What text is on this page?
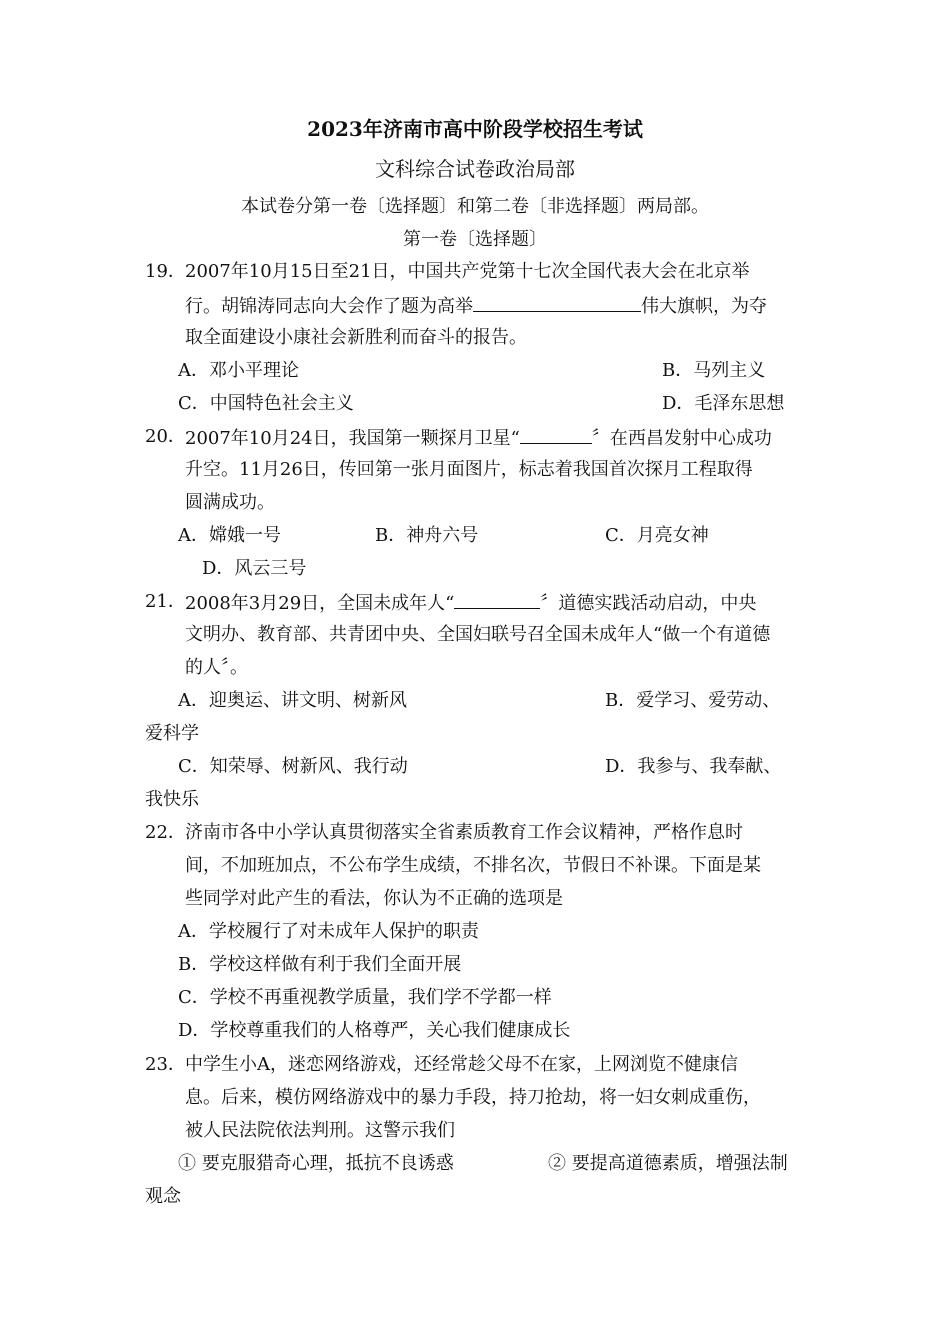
2023年济南市高中阶段学校招生考试
文科综合试卷政治局部
本试卷分第一卷〔选择题〕和第二卷〔非选择题〕两局部。
第一卷〔选择题〕
19． 2007年10月15日至21日，中国共产党第十七次全国代表大会在北京举
行。胡锦涛同志向大会作了题为高举	伟大旗帜，为夺
取全面建设小康社会新胜利而奋斗的报告。
A．邓小平理论	B．马列主义
C．中国特色社会主义	D．毛泽东思想
20． 2007年10月24日，我国第一颗探月卫星“	〞在西昌发射中心成功
升空。11月26日，传回第一张月面图片，标志着我国首次探月工程取得
圆满成功。
A．嫦娥一号	B．神舟六号	C．月亮女神
D．风云三号
21． 2008年3月29日，全国未成年人“	〞道德实践活动启动，中央
文明办、教育部、共青团中央、全国妇联号召全国未成年人“做一个有道德
的人〞。
A．迎奥运、讲文明、树新风	B．爱学习、爱劳动、
爱科学
C．知荣辱、树新风、我行动	D．我参与、我奉献、
我快乐
22． 济南市各中小学认真贯彻落实全省素质教育工作会议精神，严格作息时
间，不加班加点，不公布学生成绩，不排名次，节假日不补课。下面是某
些同学对此产生的看法，你认为不正确的选项是
A．学校履行了对未成年人保护的职责
B．学校这样做有利于我们全面开展
C．学校不再重视教学质量，我们学不学都一样
D．学校尊重我们的人格尊严，关心我们健康成长
23． 中学生小A，迷恋网络游戏，还经常趁父母不在家，上网浏览不健康信
息。后来，模仿网络游戏中的暴力手段，持刀抢劫，将一妇女刺成重伤，
被人民法院依法判刑。这警示我们
① 要克服猎奇心理，抵抗不良诱惑	② 要提高道德素质，增强法制
观念
